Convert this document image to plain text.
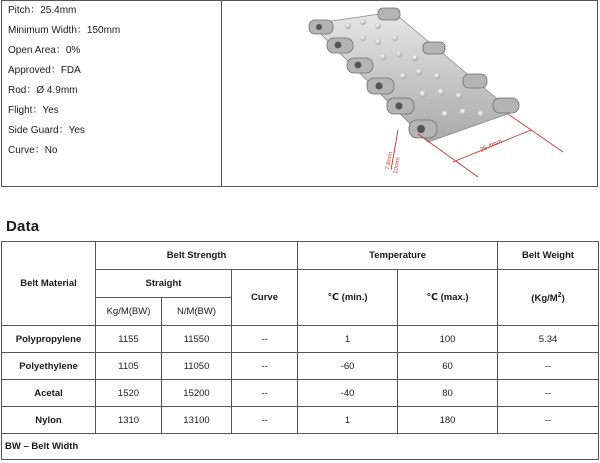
Pitch：25.4mm
Minimum Width：150mm
Open Area：0%
Approved：FDA
Rod：Ø 4.9mm
Flight：Yes
Side Guard：Yes
Curve：No	25.4mm
7.8mm
10mm
Data
Belt Material	Belt Strength			Temperature		Belt Weight
	Straight		Curve	℃ (min.)	℃ (max.)	$(Kg/M^2)$
	Kg/M(BW)	N/M(BW)				
Polypropylene	1155	11550	--	1	100	5.34
Polyethylene	1105	11050	--	-60	60	--
Acetal	1520	15200	--	-40	80	--
Nylon	1310	13100	--	1	180	--
BW – Belt Width						
